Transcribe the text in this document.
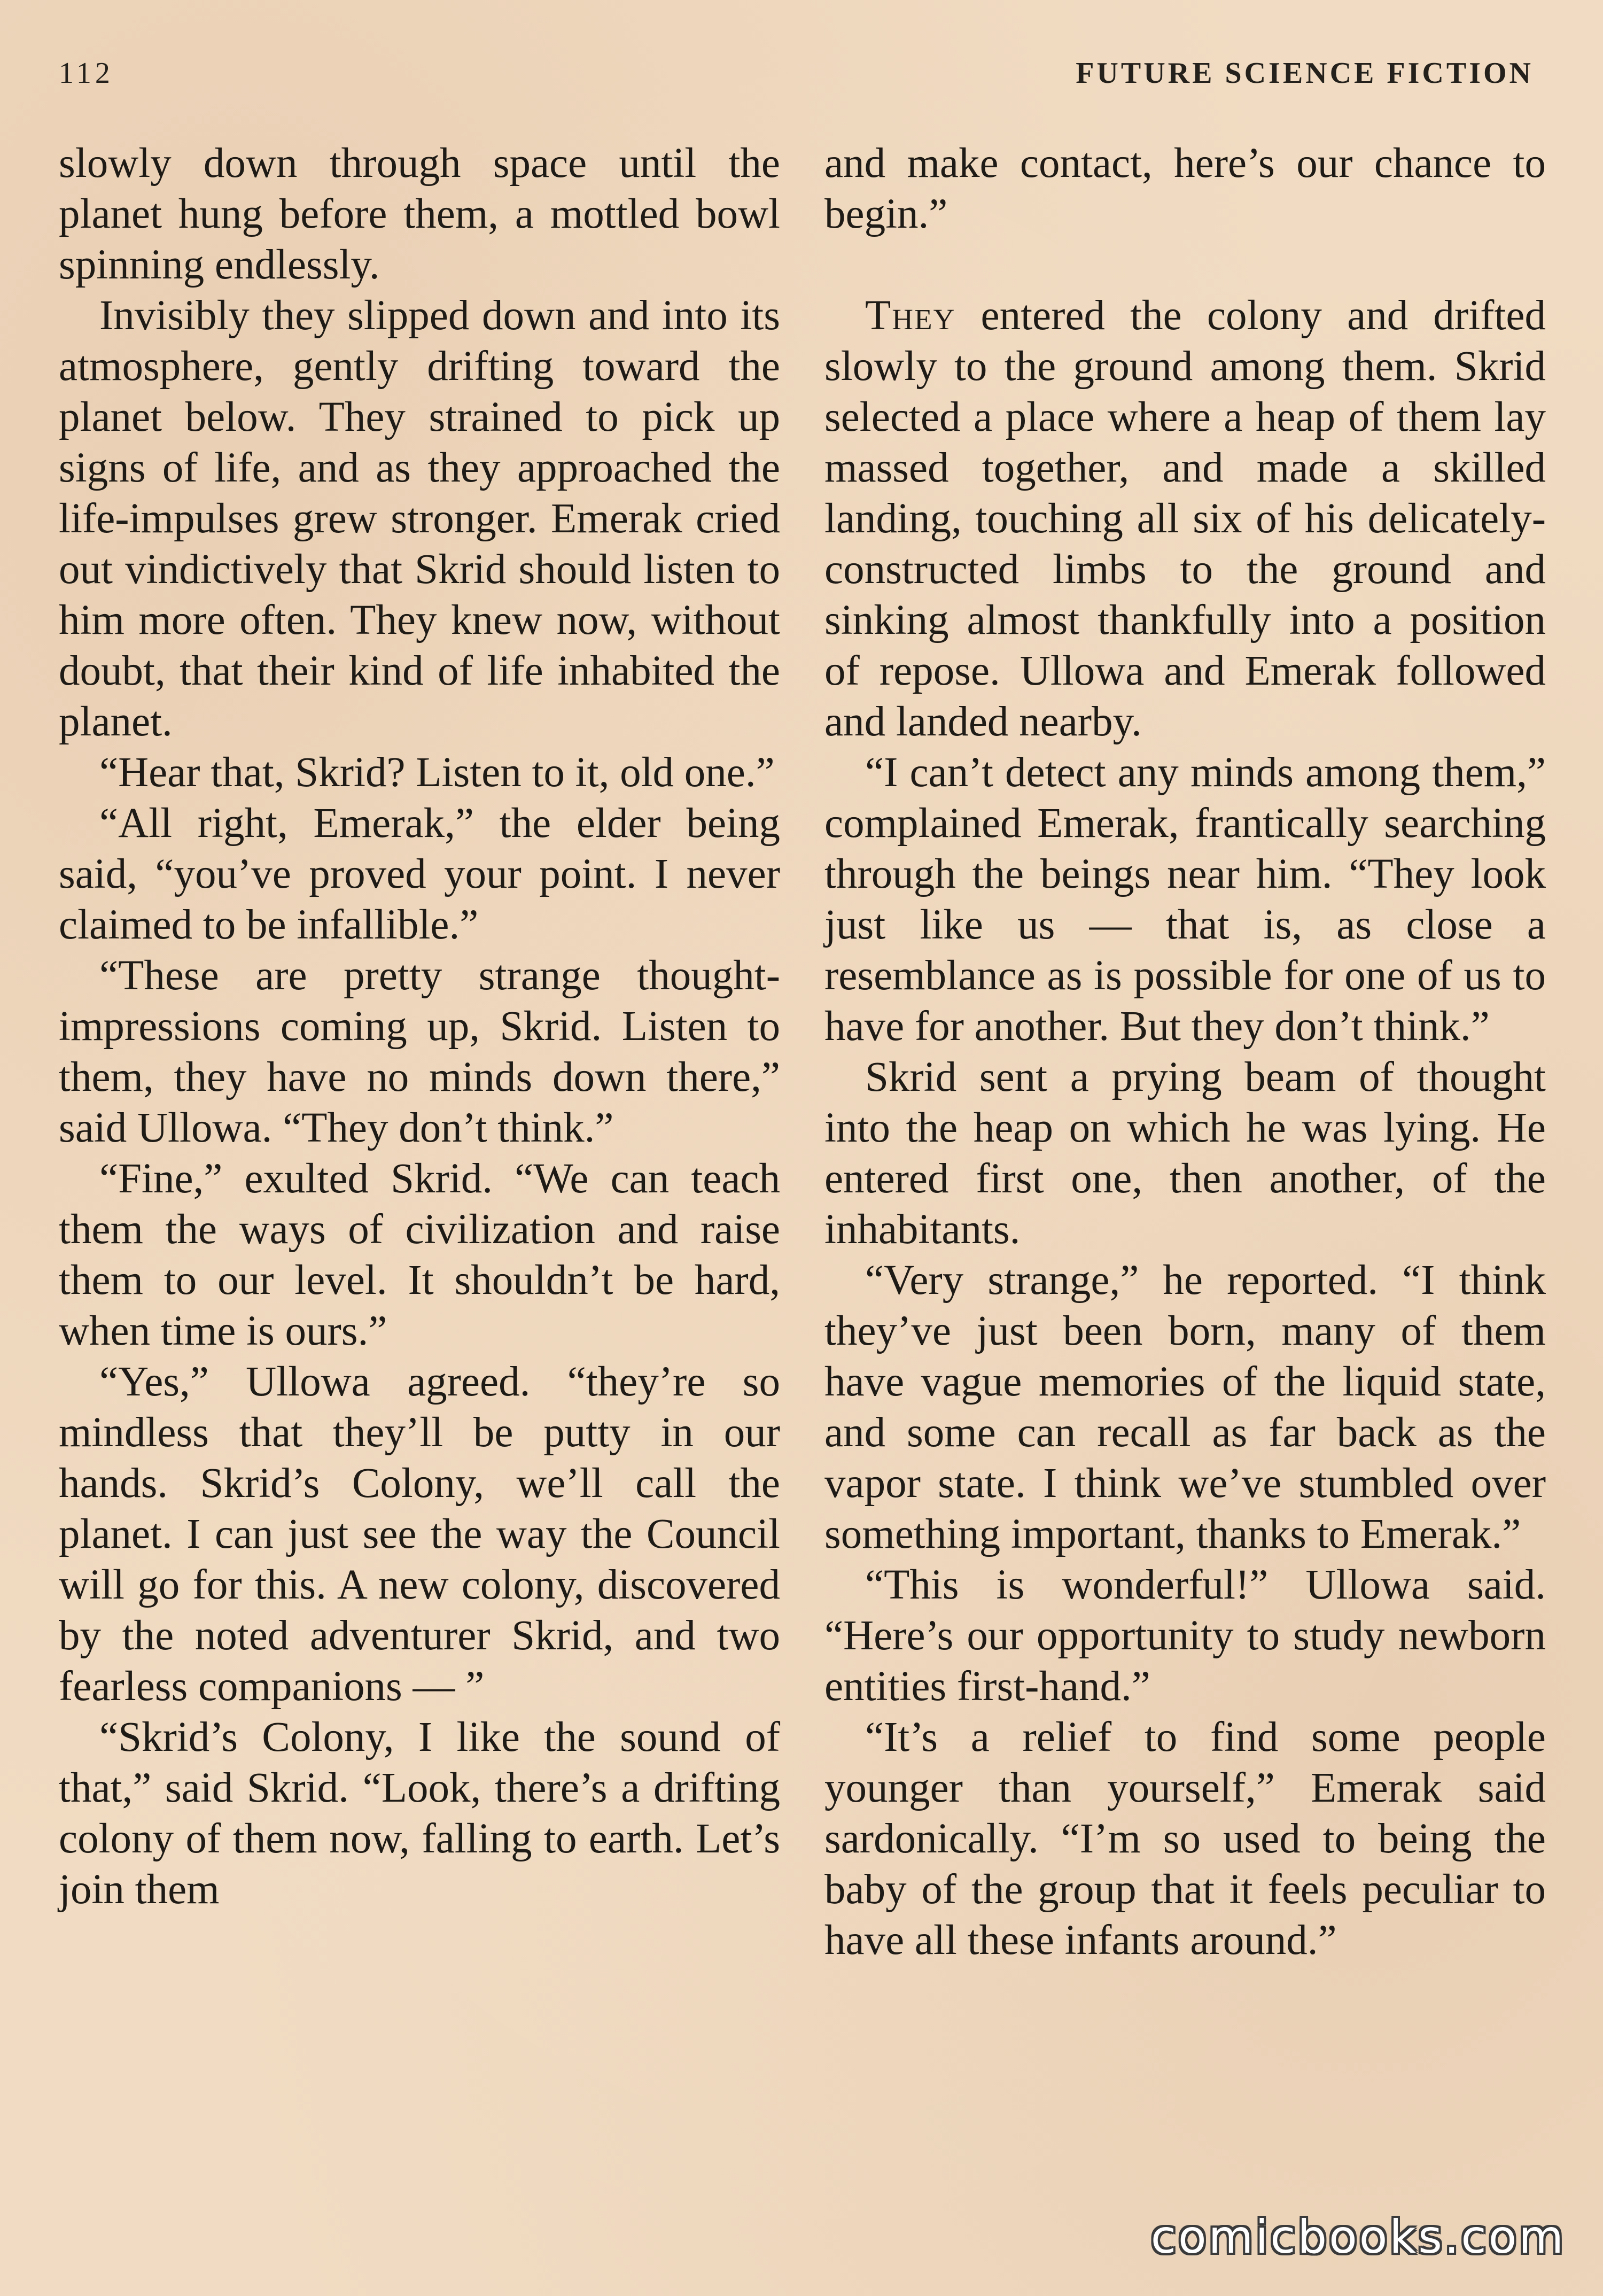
112	FUTURE SCIENCE FICTION

slowly down through space until the planet hung before them, a mottled bowl spinning endlessly.

Invisibly they slipped down and into its atmosphere, gently drifting toward the planet below. They strained to pick up signs of life, and as they approached the life-impulses grew stronger. Emerak cried out vindictively that Skrid should listen to him more often. They knew now, without doubt, that their kind of life inhabited the planet.

“Hear that, Skrid? Listen to it, old one.”

“All right, Emerak,” the elder being said, “you’ve proved your point. I never claimed to be infallible.”

“These are pretty strange thought-impressions coming up, Skrid. Listen to them, they have no minds down there,” said Ullowa. “They don’t think.”

“Fine,” exulted Skrid. “We can teach them the ways of civilization and raise them to our level. It shouldn’t be hard, when time is ours.”

“Yes,” Ullowa agreed. “they’re so mindless that they’ll be putty in our hands. Skrid’s Colony, we’ll call the planet. I can just see the way the Council will go for this. A new colony, discovered by the noted adventurer Skrid, and two fearless companions — ”

“Skrid’s Colony, I like the sound of that,” said Skrid. “Look, there’s a drifting colony of them now, falling to earth. Let’s join them

and make contact, here’s our chance to begin.”

They entered the colony and drifted slowly to the ground among them. Skrid selected a place where a heap of them lay massed together, and made a skilled landing, touching all six of his delicately-constructed limbs to the ground and sinking almost thankfully into a position of repose. Ullowa and Emerak followed and landed nearby.

“I can’t detect any minds among them,” complained Emerak, frantically searching through the beings near him. “They look just like us — that is, as close a resemblance as is possible for one of us to have for another. But they don’t think.”

Skrid sent a prying beam of thought into the heap on which he was lying. He entered first one, then another, of the inhabitants.

“Very strange,” he reported. “I think they’ve just been born, many of them have vague memories of the liquid state, and some can recall as far back as the vapor state. I think we’ve stumbled over something important, thanks to Emerak.”

“This is wonderful!” Ullowa said. “Here’s our opportunity to study newborn entities first-hand.”

“It’s a relief to find some people younger than yourself,” Emerak said sardonically. “I’m so used to being the baby of the group that it feels peculiar to have all these infants around.”

comicbooks.com
